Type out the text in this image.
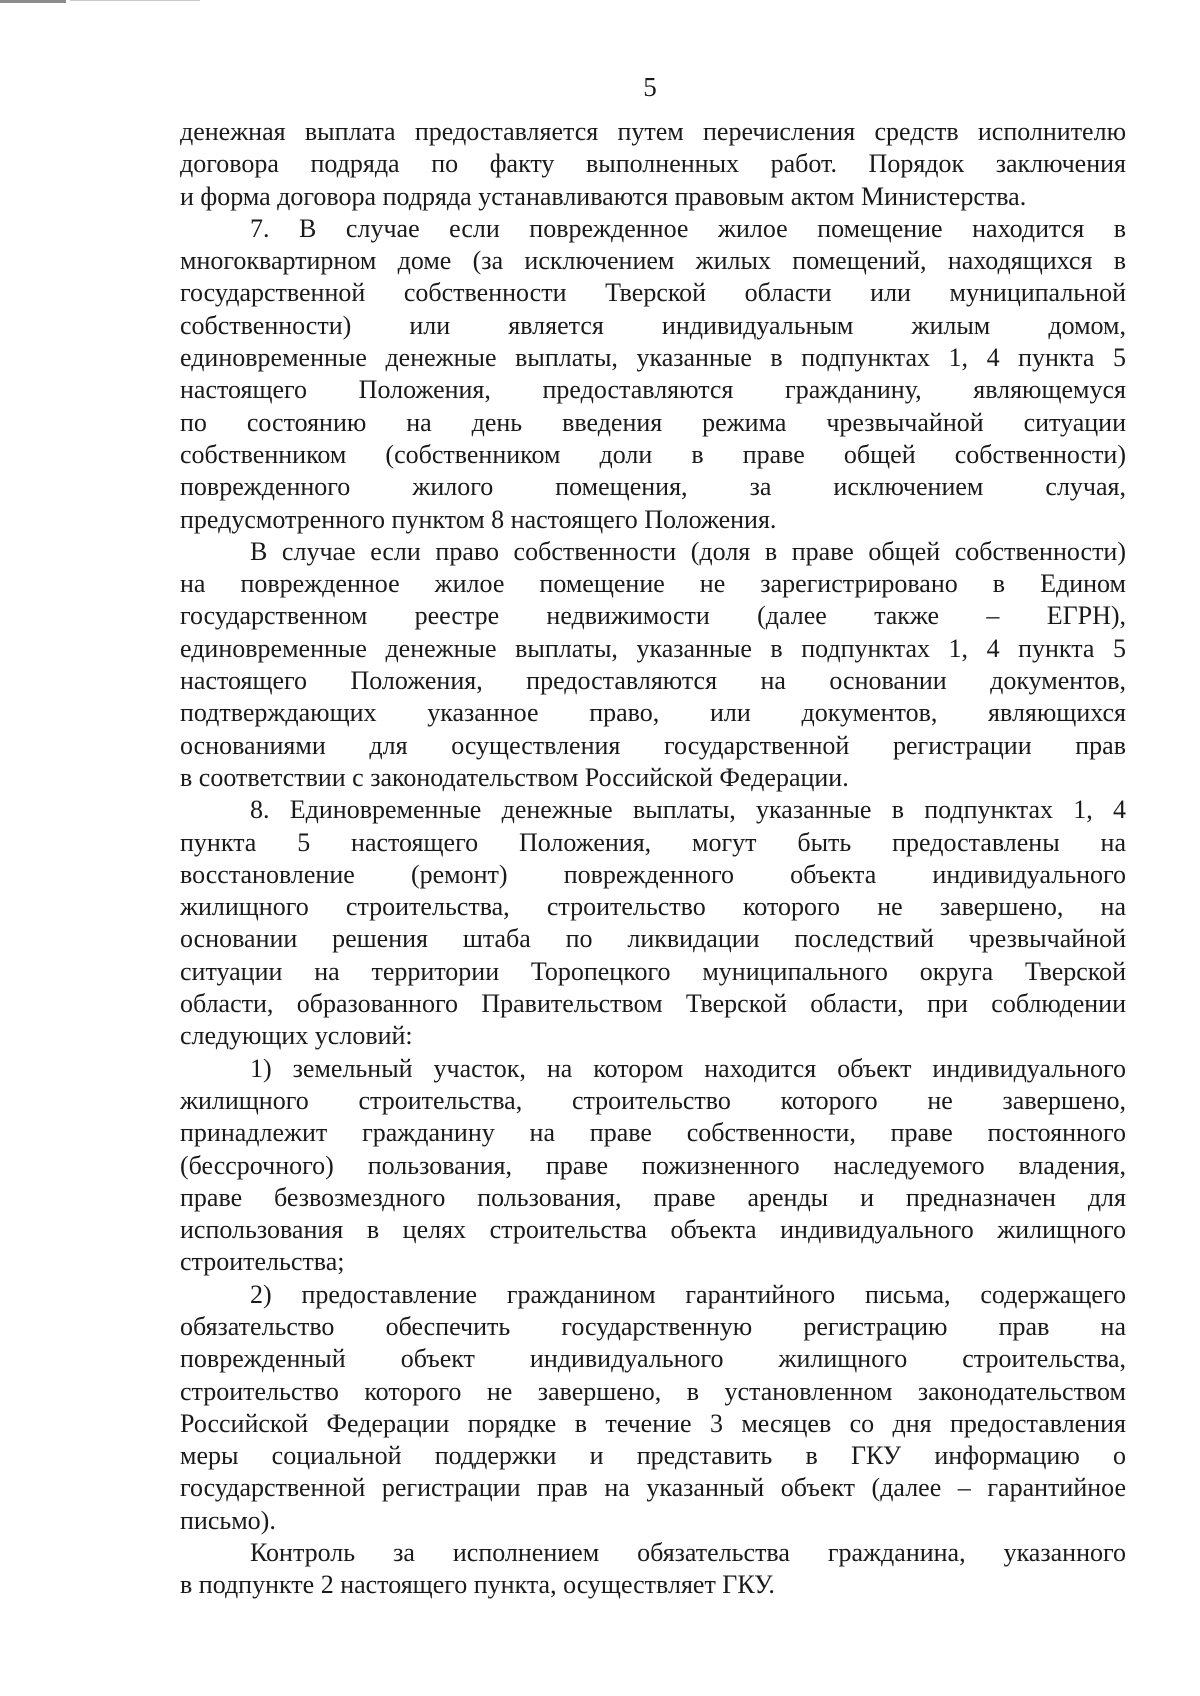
5

денежная выплата предоставляется путем перечисления средств исполнителю

договора подряда по факту выполненных работ. Порядок заключения

и форма договора подряда устанавливаются правовым актом Министерства.

7. В случае если поврежденное жилое помещение находится в

многоквартирном доме (за исключением жилых помещений, находящихся в

государственной собственности Тверской области или муниципальной

собственности) или является индивидуальным жилым домом,

единовременные денежные выплаты, указанные в подпунктах 1, 4 пункта 5

настоящего Положения, предоставляются гражданину, являющемуся

по состоянию на день введения режима чрезвычайной ситуации

собственником (собственником доли в праве общей собственности)

поврежденного жилого помещения, за исключением случая,

предусмотренного пунктом 8 настоящего Положения.

В случае если право собственности (доля в праве общей собственности)

на поврежденное жилое помещение не зарегистрировано в Едином

государственном реестре недвижимости (далее также – ЕГРН),

единовременные денежные выплаты, указанные в подпунктах 1, 4 пункта 5

настоящего Положения, предоставляются на основании документов,

подтверждающих указанное право, или документов, являющихся

основаниями для осуществления государственной регистрации прав

в соответствии с законодательством Российской Федерации.

8. Единовременные денежные выплаты, указанные в подпунктах 1, 4

пункта 5 настоящего Положения, могут быть предоставлены на

восстановление (ремонт) поврежденного объекта индивидуального

жилищного строительства, строительство которого не завершено, на

основании решения штаба по ликвидации последствий чрезвычайной

ситуации на территории Торопецкого муниципального округа Тверской

области, образованного Правительством Тверской области, при соблюдении

следующих условий:

1) земельный участок, на котором находится объект индивидуального

жилищного строительства, строительство которого не завершено,

принадлежит гражданину на праве собственности, праве постоянного

(бессрочного) пользования, праве пожизненного наследуемого владения,

праве безвозмездного пользования, праве аренды и предназначен для

использования в целях строительства объекта индивидуального жилищного

строительства;

2) предоставление гражданином гарантийного письма, содержащего

обязательство обеспечить государственную регистрацию прав на

поврежденный объект индивидуального жилищного строительства,

строительство которого не завершено, в установленном законодательством

Российской Федерации порядке в течение 3 месяцев со дня предоставления

меры социальной поддержки и представить в ГКУ информацию о

государственной регистрации прав на указанный объект (далее – гарантийное

письмо).

Контроль за исполнением обязательства гражданина, указанного

в подпункте 2 настоящего пункта, осуществляет ГКУ.
